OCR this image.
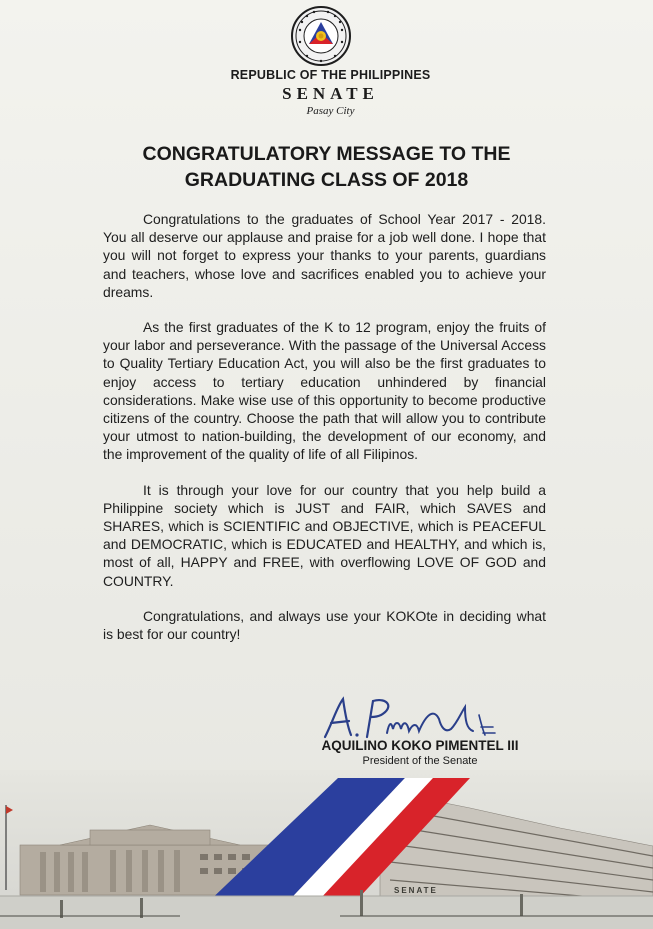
REPUBLIC OF THE PHILIPPINES
SENATE
Pasay City
CONGRATULATORY MESSAGE TO THE
GRADUATING CLASS OF 2018

Congratulations to the graduates of School Year 2017 - 2018. You all deserve our applause and praise for a job well done. I hope that you will not forget to express your thanks to your parents, guardians and teachers, whose love and sacrifices enabled you to achieve your dreams.

As the first graduates of the K to 12 program, enjoy the fruits of your labor and perseverance. With the passage of the Universal Access to Quality Tertiary Education Act, you will also be the first graduates to enjoy access to tertiary education unhindered by financial considerations. Make wise use of this opportunity to become productive citizens of the country. Choose the path that will allow you to contribute your utmost to nation-building, the development of our economy, and the improvement of the quality of life of all Filipinos.

It is through your love for our country that you help build a Philippine society which is JUST and FAIR, which SAVES and SHARES, which is SCIENTIFIC and OBJECTIVE, which is PEACEFUL and DEMOCRATIC, which is EDUCATED and HEALTHY, and which is, most of all, HAPPY and FREE, with overflowing LOVE OF GOD and COUNTRY.

Congratulations, and always use your KOKOte in deciding what is best for our country!

AQUILINO KOKO PIMENTEL III
President of the Senate
SENATE
